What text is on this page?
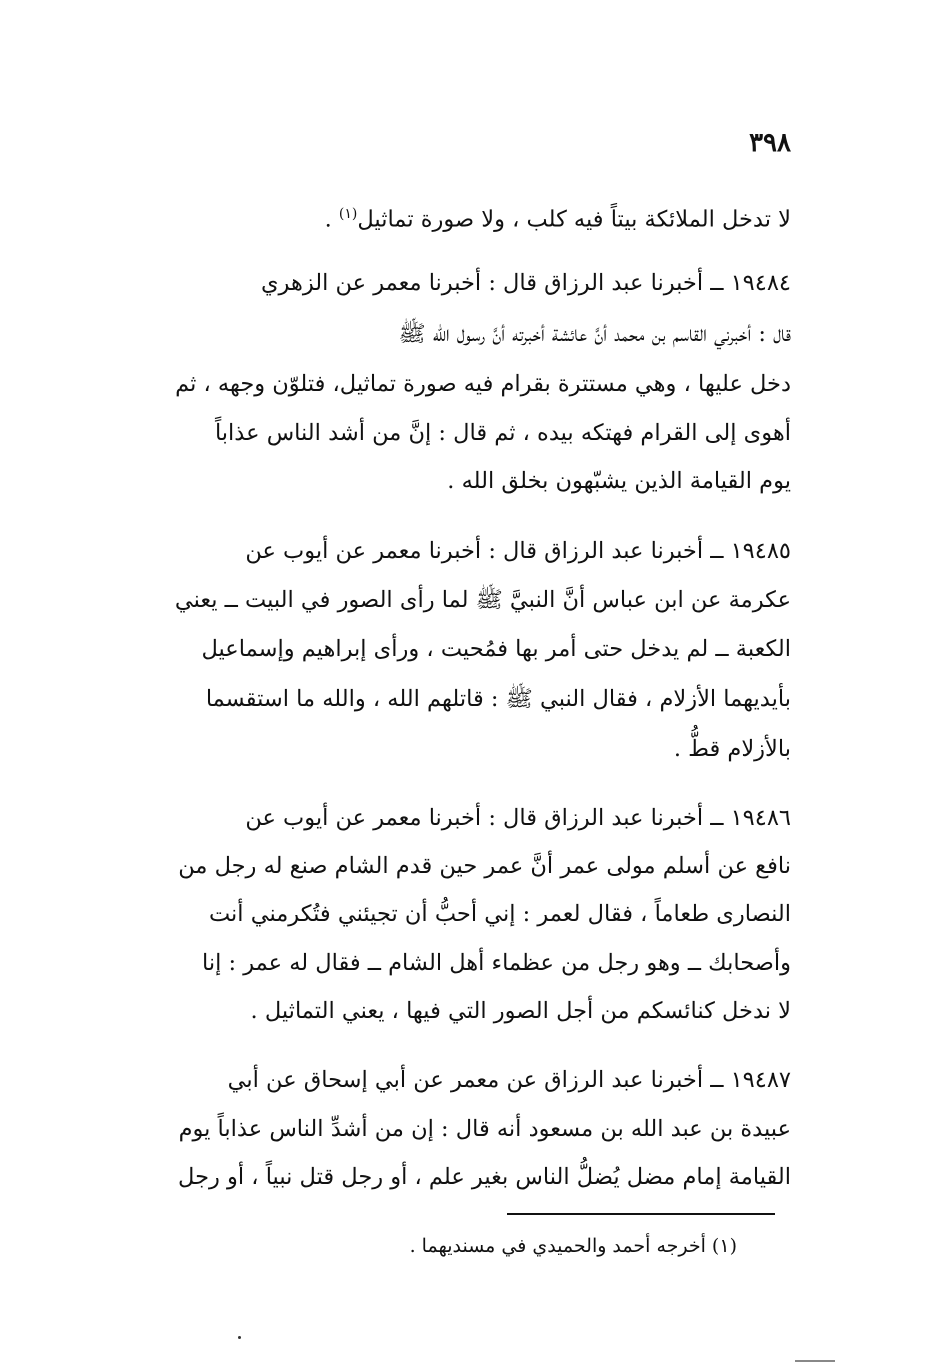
٣٩٨
لا تدخل الملائكة بيتاً فيه كلب ، ولا صورة تماثيل$^{(١)}$ .
١٩٤٨٤ ــ أخبرنا عبد الرزاق قال : أخبرنا معمر عن الزهري
قال : أخبرني القاسم بن محمد أنَّ عائشة أخبرته أنَّ رسول الله ﷺ
دخل عليها ، وهي مستترة بقرام فيه صورة تماثيل، فتلوّن وجهه ، ثم
أهوى إلى القرام فهتكه بيده ، ثم قال : إنَّ من أشد الناس عذاباً
يوم القيامة الذين يشبّهون بخلق الله .
١٩٤٨٥ ــ أخبرنا عبد الرزاق قال : أخبرنا معمر عن أيوب عن
عكرمة عن ابن عباس أنَّ النبيَّ ﷺ لما رأى الصور في البيت ــ يعني
الكعبة ــ لم يدخل حتى أمر بها فمُحيت ، ورأى إبراهيم وإسماعيل
بأيديهما الأزلام ، فقال النبي ﷺ : قاتلهم الله ، والله ما استقسما
بالأزلام قطُّ .
١٩٤٨٦ ــ أخبرنا عبد الرزاق قال : أخبرنا معمر عن أيوب عن
نافع عن أسلم مولى عمر أنَّ عمر حين قدم الشام صنع له رجل من
النصارى طعاماً ، فقال لعمر : إني أحبُّ أن تجيئني فتُكرمني أنت
وأصحابك ــ وهو رجل من عظماء أهل الشام ــ فقال له عمر : إنا
لا ندخل كنائسكم من أجل الصور التي فيها ، يعني التماثيل .
١٩٤٨٧ ــ أخبرنا عبد الرزاق عن معمر عن أبي إسحاق عن أبي
عبيدة بن عبد الله بن مسعود أنه قال : إن من أشدِّ الناس عذاباً يوم
القيامة إمام مضل يُضلُّ الناس بغير علم ، أو رجل قتل نبياً ، أو رجل
(١) أخرجه أحمد والحميدي في مسنديهما .
